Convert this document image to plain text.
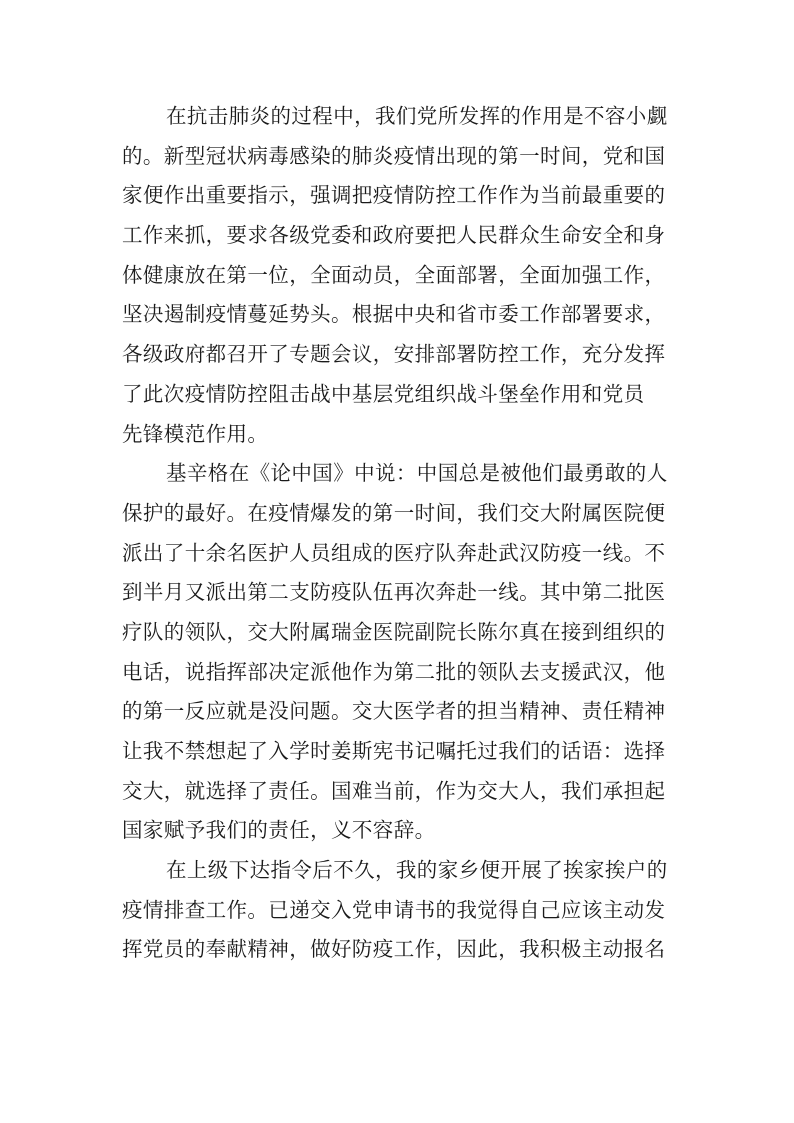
在抗击肺炎的过程中，我们党所发挥的作用是不容小觑
的。新型冠状病毒感染的肺炎疫情出现的第一时间，党和国
家便作出重要指示，强调把疫情防控工作作为当前最重要的
工作来抓，要求各级党委和政府要把人民群众生命安全和身
体健康放在第一位，全面动员，全面部署，全面加强工作，
坚决遏制疫情蔓延势头。根据中央和省市委工作部署要求，
各级政府都召开了专题会议，安排部署防控工作，充分发挥
了此次疫情防控阻击战中基层党组织战斗堡垒作用和党员
先锋模范作用。
基辛格在《论中国》中说：中国总是被他们最勇敢的人
保护的最好。在疫情爆发的第一时间，我们交大附属医院便
派出了十余名医护人员组成的医疗队奔赴武汉防疫一线。不
到半月又派出第二支防疫队伍再次奔赴一线。其中第二批医
疗队的领队，交大附属瑞金医院副院长陈尔真在接到组织的
电话，说指挥部决定派他作为第二批的领队去支援武汉，他
的第一反应就是没问题。交大医学者的担当精神、责任精神
让我不禁想起了入学时姜斯宪书记嘱托过我们的话语：选择
交大，就选择了责任。国难当前，作为交大人，我们承担起
国家赋予我们的责任，义不容辞。
在上级下达指令后不久，我的家乡便开展了挨家挨户的
疫情排查工作。已递交入党申请书的我觉得自己应该主动发
挥党员的奉献精神，做好防疫工作，因此，我积极主动报名
